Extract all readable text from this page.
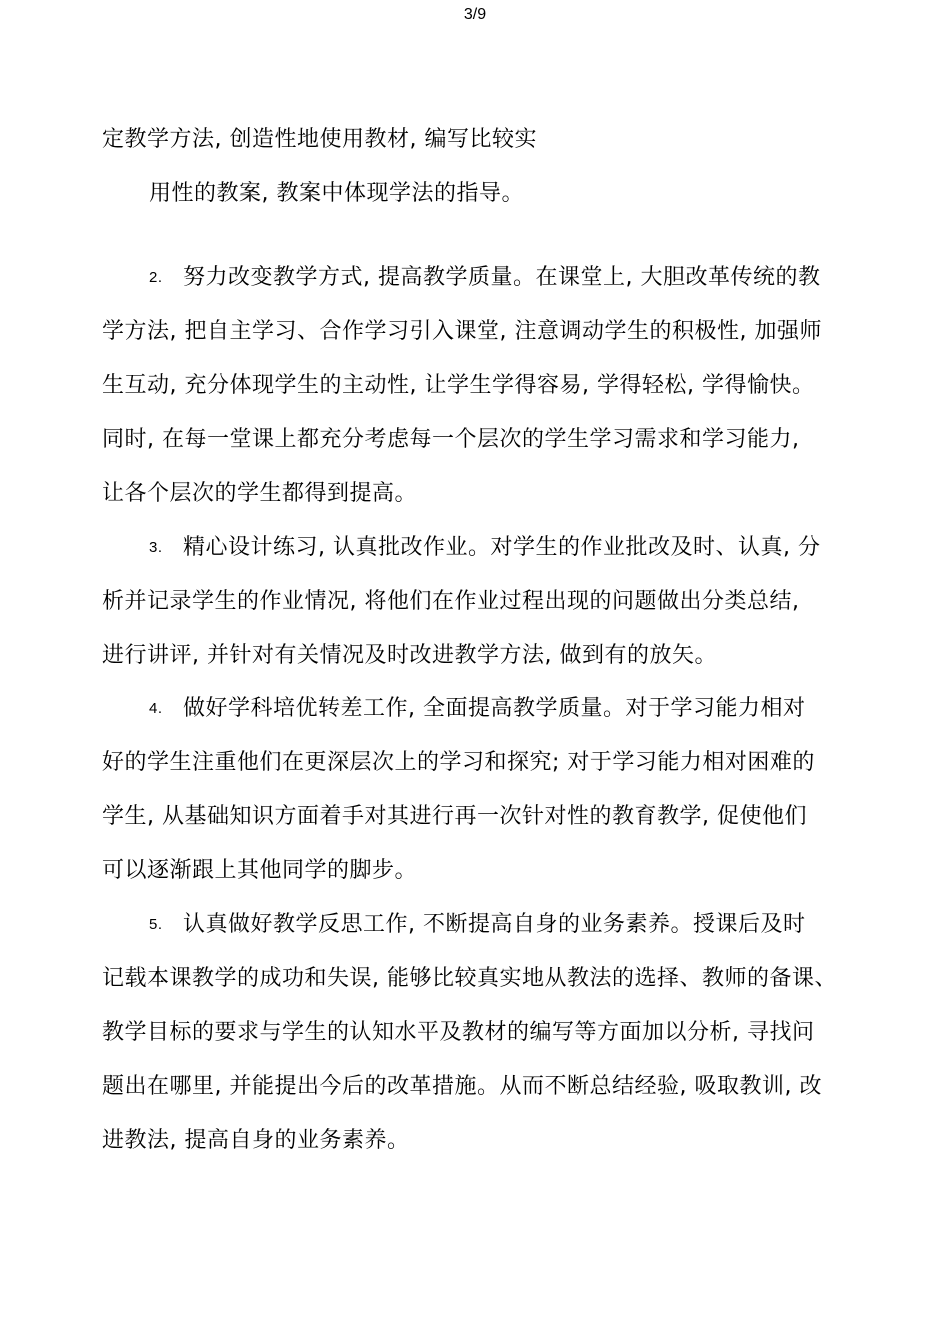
3/9
定教学方法, 创造性地使用教材, 编写比较实
用性的教案, 教案中体现学法的指导。
2. 努力改变教学方式, 提高教学质量。在课堂上, 大胆改革传统的教
学方法, 把自主学习、合作学习引入课堂, 注意调动学生的积极性, 加强师
生互动, 充分体现学生的主动性, 让学生学得容易, 学得轻松, 学得愉快。
同时, 在每一堂课上都充分考虑每一个层次的学生学习需求和学习能力,
让各个层次的学生都得到提高。
3. 精心设计练习, 认真批改作业。对学生的作业批改及时、认真, 分
析并记录学生的作业情况, 将他们在作业过程出现的问题做出分类总结,
进行讲评, 并针对有关情况及时改进教学方法, 做到有的放矢。
4. 做好学科培优转差工作, 全面提高教学质量。对于学习能力相对
好的学生注重他们在更深层次上的学习和探究; 对于学习能力相对困难的
学生, 从基础知识方面着手对其进行再一次针对性的教育教学, 促使他们
可以逐渐跟上其他同学的脚步。
5. 认真做好教学反思工作, 不断提高自身的业务素养。授课后及时
记载本课教学的成功和失误, 能够比较真实地从教法的选择、教师的备课、
教学目标的要求与学生的认知水平及教材的编写等方面加以分析, 寻找问
题出在哪里, 并能提出今后的改革措施。从而不断总结经验, 吸取教训, 改
进教法, 提高自身的业务素养。
